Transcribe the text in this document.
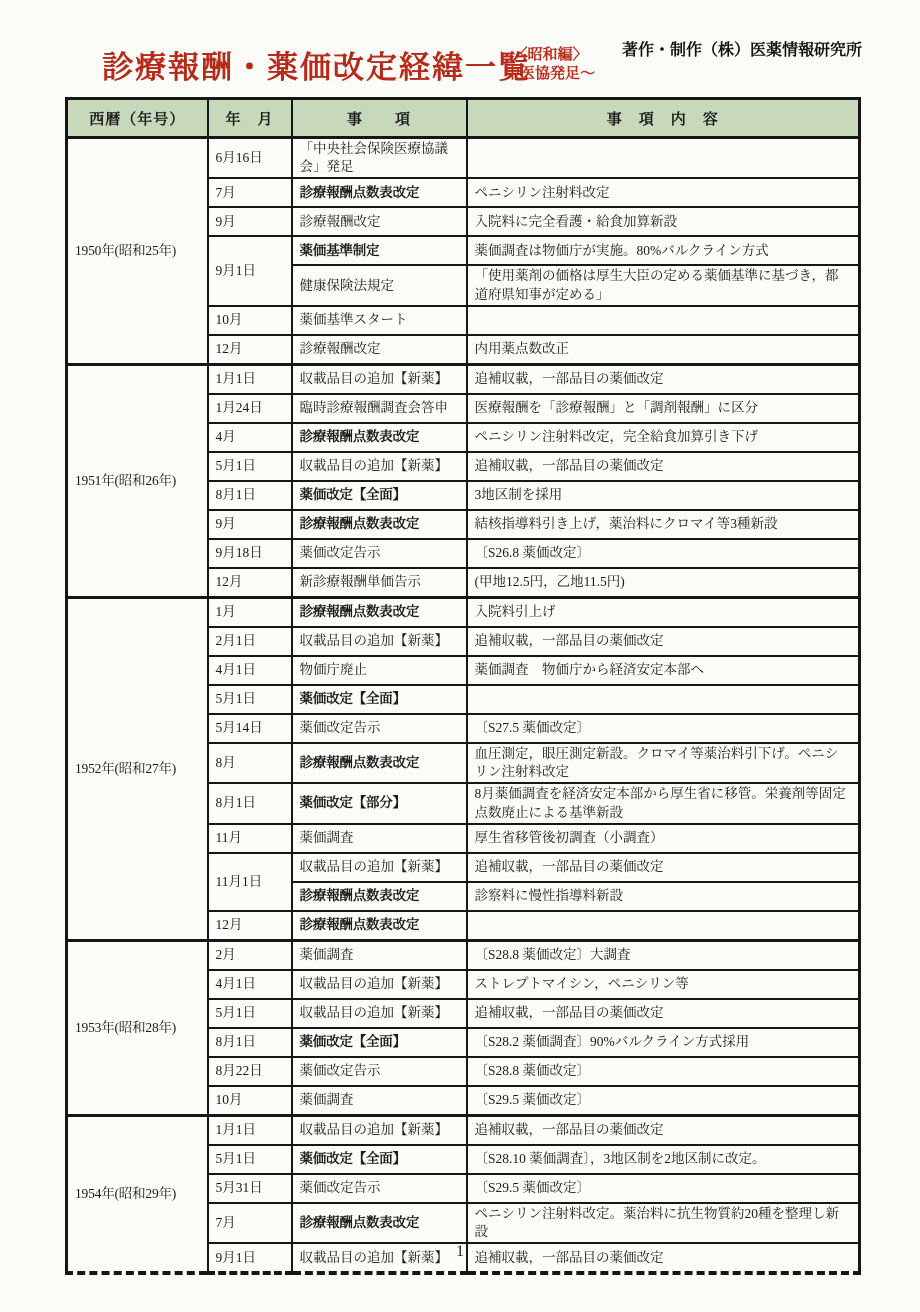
診療報酬・薬価改定経緯一覧
〈昭和編〉
中医協発足～
著作・制作（株）医薬情報研究所
西暦（年号）	年　月	事　　項	事　項　内　容
1950年(昭和25年)	6月16日	「中央社会保険医療協議会」発足	
	7月	診療報酬点数表改定	ペニシリン注射料改定
	9月	診療報酬改定	入院料に完全看護・給食加算新設
	9月1日	薬価基準制定	薬価調査は物価庁が実施。80%バルクライン方式
		健康保険法規定	「使用薬剤の価格は厚生大臣の定める薬価基準に基づき，都道府県知事が定める」
	10月	薬価基準スタート	
	12月	診療報酬改定	内用薬点数改正
1951年(昭和26年)	1月1日	収載品目の追加【新薬】	追補収載，一部品目の薬価改定
	1月24日	臨時診療報酬調査会答申	医療報酬を「診療報酬」と「調剤報酬」に区分
	4月	診療報酬点数表改定	ペニシリン注射料改定，完全給食加算引き下げ
	5月1日	収載品目の追加【新薬】	追補収載，一部品目の薬価改定
	8月1日	薬価改定【全面】	3地区制を採用
	9月	診療報酬点数表改定	結核指導料引き上げ，薬治料にクロマイ等3種新設
	9月18日	薬価改定告示	〔S26.8 薬価改定〕
	12月	新診療報酬単価告示	(甲地12.5円，乙地11.5円)
1952年(昭和27年)	1月	診療報酬点数表改定	入院料引上げ
	2月1日	収載品目の追加【新薬】	追補収載，一部品目の薬価改定
	4月1日	物価庁廃止	薬価調査　物価庁から経済安定本部へ
	5月1日	薬価改定【全面】	
	5月14日	薬価改定告示	〔S27.5 薬価改定〕
	8月	診療報酬点数表改定	血圧測定，眼圧測定新設。クロマイ等薬治料引下げ。ペニシリン注射料改定
	8月1日	薬価改定【部分】	8月薬価調査を経済安定本部から厚生省に移管。栄養剤等固定点数廃止による基準新設
	11月	薬価調査	厚生省移管後初調査（小調査）
	11月1日	収載品目の追加【新薬】	追補収載，一部品目の薬価改定
		診療報酬点数表改定	診察料に慢性指導料新設
	12月	診療報酬点数表改定	
1953年(昭和28年)	2月	薬価調査	〔S28.8 薬価改定〕大調査
	4月1日	収載品目の追加【新薬】	ストレプトマイシン，ペニシリン等
	5月1日	収載品目の追加【新薬】	追補収載，一部品目の薬価改定
	8月1日	薬価改定【全面】	〔S28.2 薬価調査〕90%バルクライン方式採用
	8月22日	薬価改定告示	〔S28.8 薬価改定〕
	10月	薬価調査	〔S29.5 薬価改定〕
1954年(昭和29年)	1月1日	収載品目の追加【新薬】	追補収載，一部品目の薬価改定
	5月1日	薬価改定【全面】	〔S28.10 薬価調査〕，3地区制を2地区制に改定。
	5月31日	薬価改定告示	〔S29.5 薬価改定〕
	7月	診療報酬点数表改定	ペニシリン注射料改定。薬治料に抗生物質約20種を整理し新設
	9月1日	収載品目の追加【新薬】	追補収載，一部品目の薬価改定
1
